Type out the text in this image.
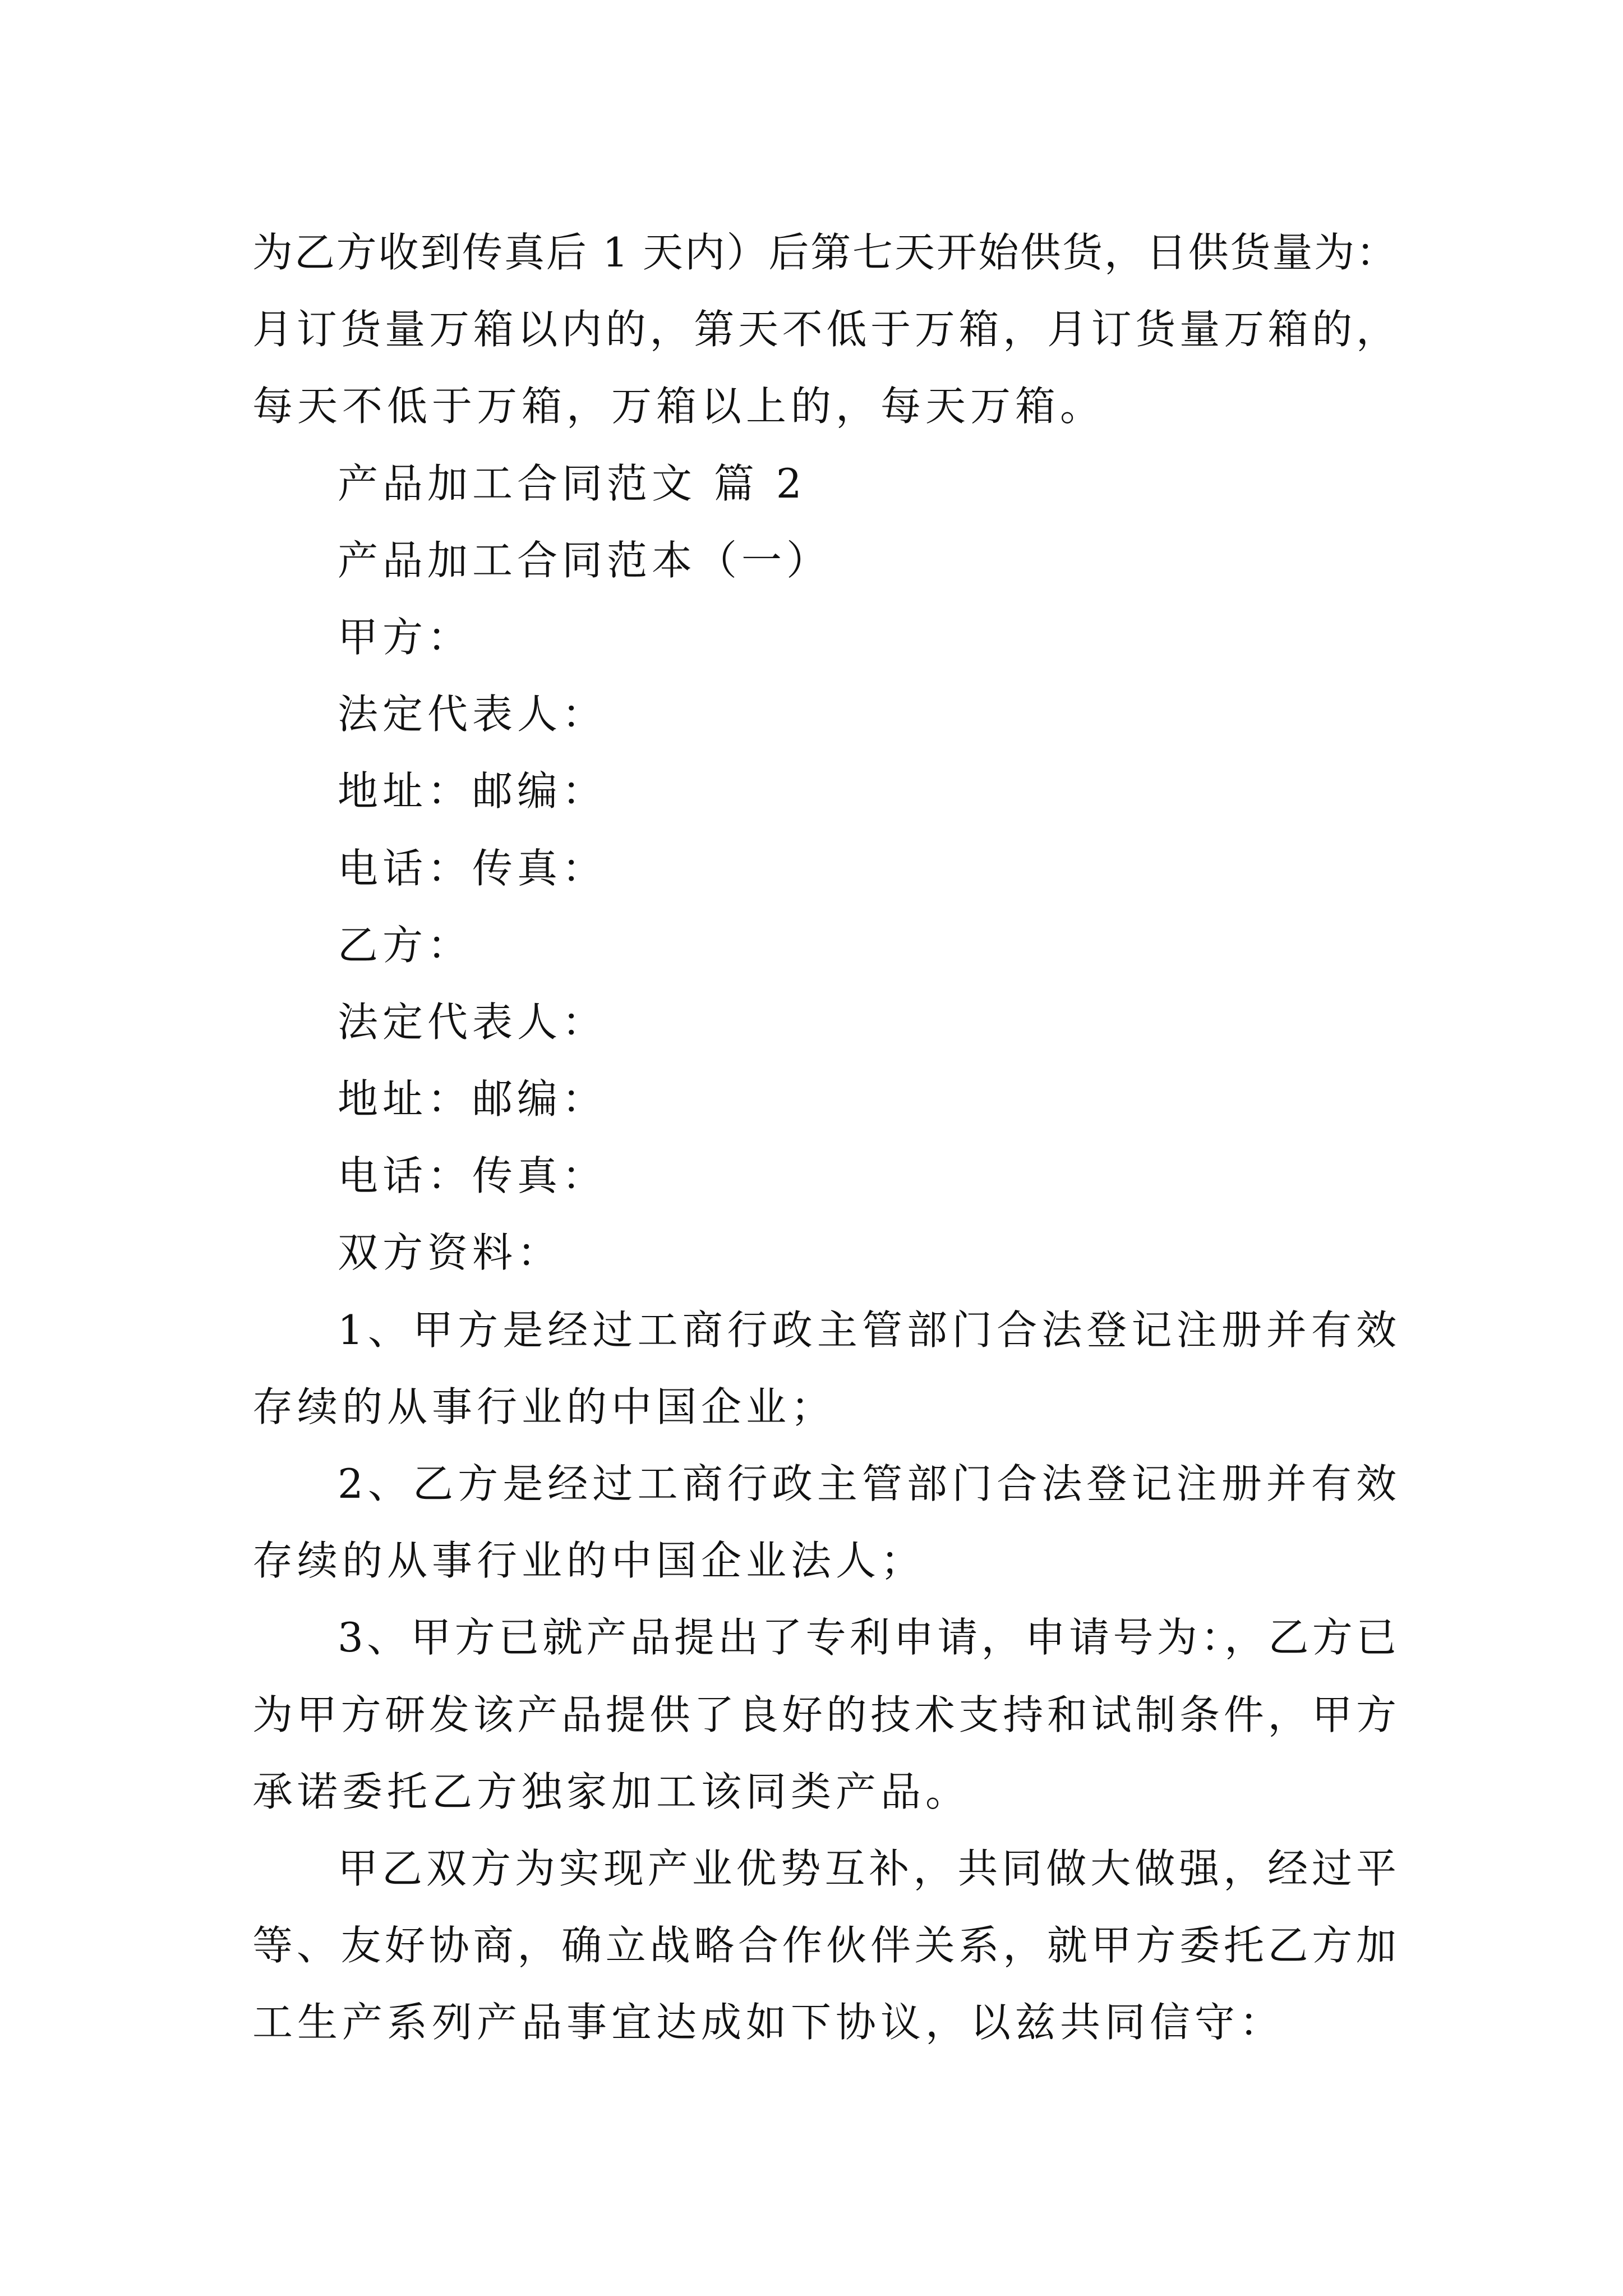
为乙方收到传真后 1 天内）后第七天开始供货，日供货量为：
月订货量万箱以内的，第天不低于万箱，月订货量万箱的，
每天不低于万箱，万箱以上的，每天万箱。
产品加工合同范文 篇 2
产品加工合同范本（一）
甲方：
法定代表人：
地址：邮编：
电话：传真：
乙方：
法定代表人：
地址：邮编：
电话：传真：
双方资料：
1、甲方是经过工商行政主管部门合法登记注册并有效
存续的从事行业的中国企业；
2、乙方是经过工商行政主管部门合法登记注册并有效
存续的从事行业的中国企业法人；
3、甲方已就产品提出了专利申请，申请号为：，乙方已
为甲方研发该产品提供了良好的技术支持和试制条件，甲方
承诺委托乙方独家加工该同类产品。
甲乙双方为实现产业优势互补，共同做大做强，经过平
等、友好协商，确立战略合作伙伴关系，就甲方委托乙方加
工生产系列产品事宜达成如下协议，以兹共同信守：
